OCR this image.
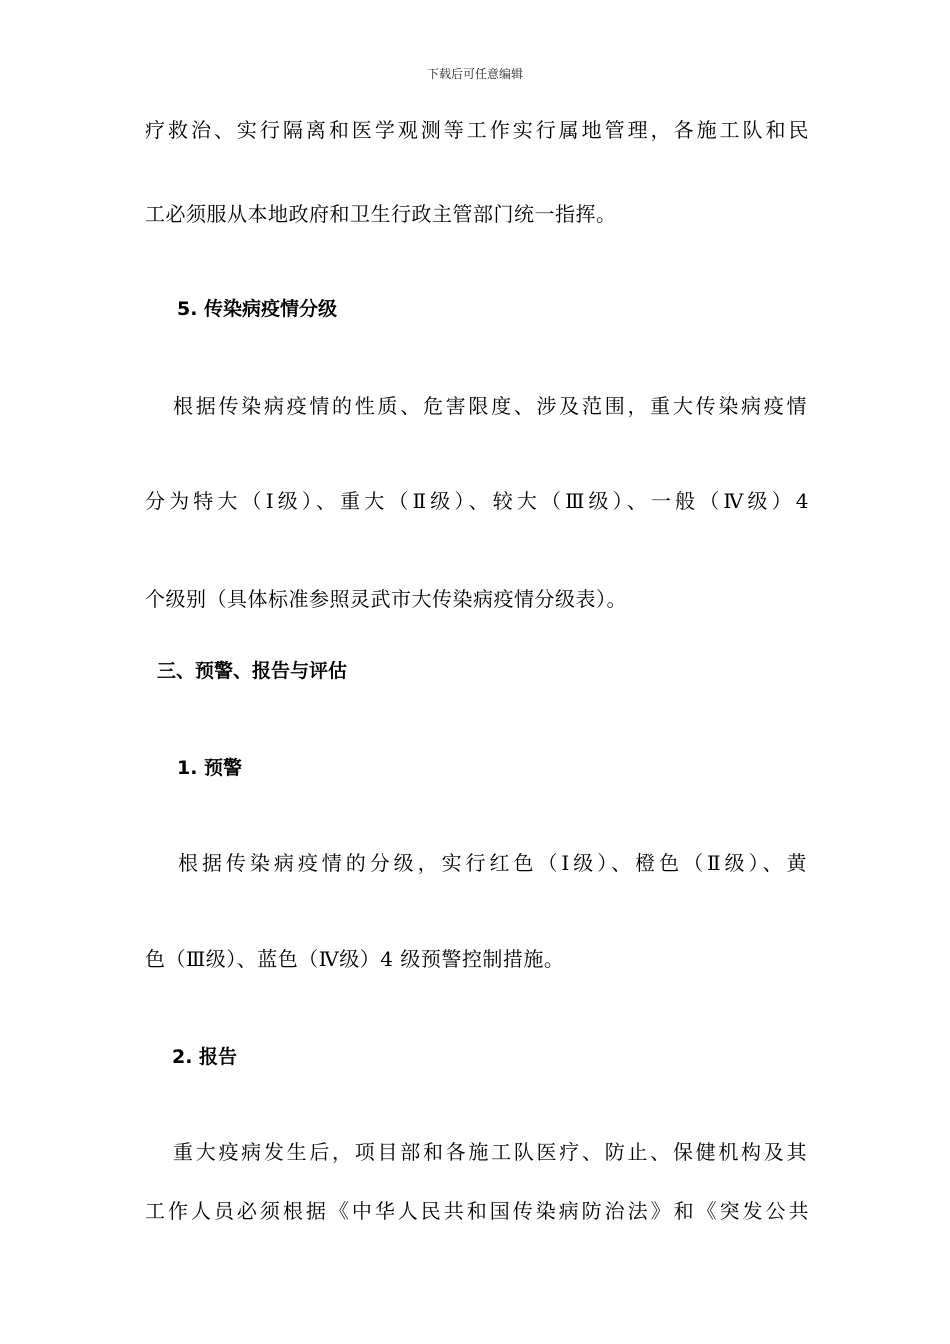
下载后可任意编辑
疗救治、实行隔离和医学观测等工作实行属地管理，各施工队和民
工必须服从本地政府和卫生行政主管部门统一指挥。
5. 传染病疫情分级
根据传染病疫情的性质、危害限度、涉及范围，重大传染病疫情
分为特大（Ⅰ级）、重大（Ⅱ级）、较大（Ⅲ级）、一般（Ⅳ级）4
个级别（具体标准参照灵武市大传染病疫情分级表）。
三、预警、报告与评估
1. 预警
根据传染病疫情的分级，实行红色（Ⅰ级）、橙色（Ⅱ级）、黄
色（Ⅲ级）、蓝色（Ⅳ级）4 级预警控制措施。
2. 报告
重大疫病发生后，项目部和各施工队医疗、防止、保健机构及其
工作人员必须根据《中华人民共和国传染病防治法》和《突发公共
